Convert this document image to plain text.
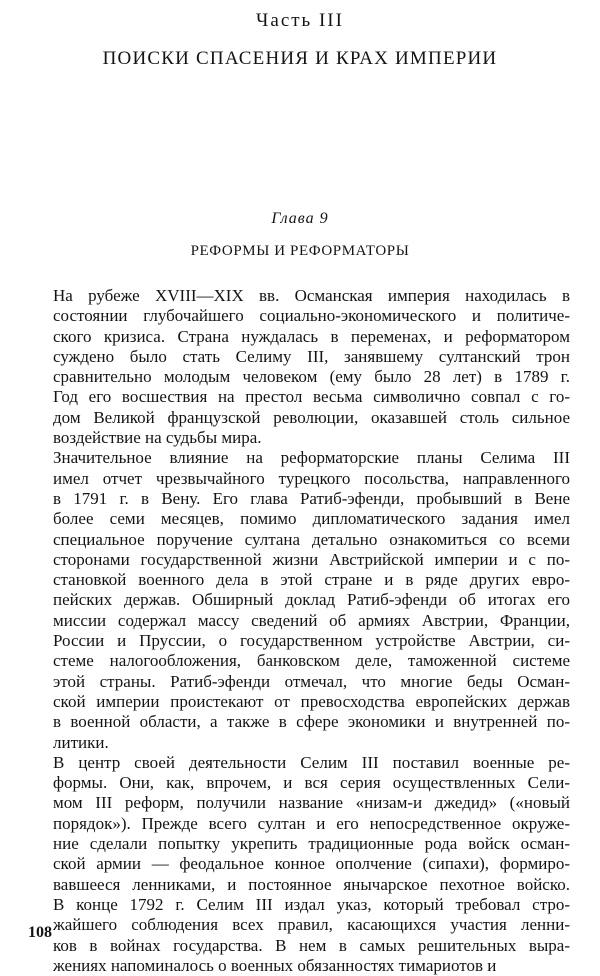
Часть III
ПОИСКИ СПАСЕНИЯ И КРАХ ИМПЕРИИ
Глава 9
РЕФОРМЫ И РЕФОРМАТОРЫ

На рубеже XVIII—XIX вв. Османская империя находилась в
состоянии глубочайшего социально-экономического и политиче-
ского кризиса. Страна нуждалась в переменах, и реформатором
суждено было стать Селиму III, занявшему султанский трон
сравнительно молодым человеком (ему было 28 лет) в 1789 г.
Год его восшествия на престол весьма символично совпал с го-
дом Великой французской революции, оказавшей столь сильное
воздействие на судьбы мира.

Значительное влияние на реформаторские планы Селима III
имел отчет чрезвычайного турецкого посольства, направленного
в 1791 г. в Вену. Его глава Ратиб-эфенди, пробывший в Вене
более семи месяцев, помимо дипломатического задания имел
специальное поручение султана детально ознакомиться со всеми
сторонами государственной жизни Австрийской империи и с по-
становкой военного дела в этой стране и в ряде других евро-
пейских держав. Обширный доклад Ратиб-эфенди об итогах его
миссии содержал массу сведений об армиях Австрии, Франции,
России и Пруссии, о государственном устройстве Австрии, си-
стеме налогообложения, банковском деле, таможенной системе
этой страны. Ратиб-эфенди отмечал, что многие беды Осман-
ской империи проистекают от превосходства европейских держав
в военной области, а также в сфере экономики и внутренней по-
литики.

В центр своей деятельности Селим III поставил военные ре-
формы. Они, как, впрочем, и вся серия осуществленных Сели-
мом III реформ, получили название «низам-и джедид» («новый
порядок»). Прежде всего султан и его непосредственное окруже-
ние сделали попытку укрепить традиционные рода войск осман-
ской армии — феодальное конное ополчение (сипахи), формиро-
вавшееся ленниками, и постоянное янычарское пехотное войско.
В конце 1792 г. Селим III издал указ, который требовал стро-
жайшего соблюдения всех правил, касающихся участия ленни-
ков в войнах государства. В нем в самых решительных выра-
жениях напоминалось о военных обязанностях тимариотов и

108
